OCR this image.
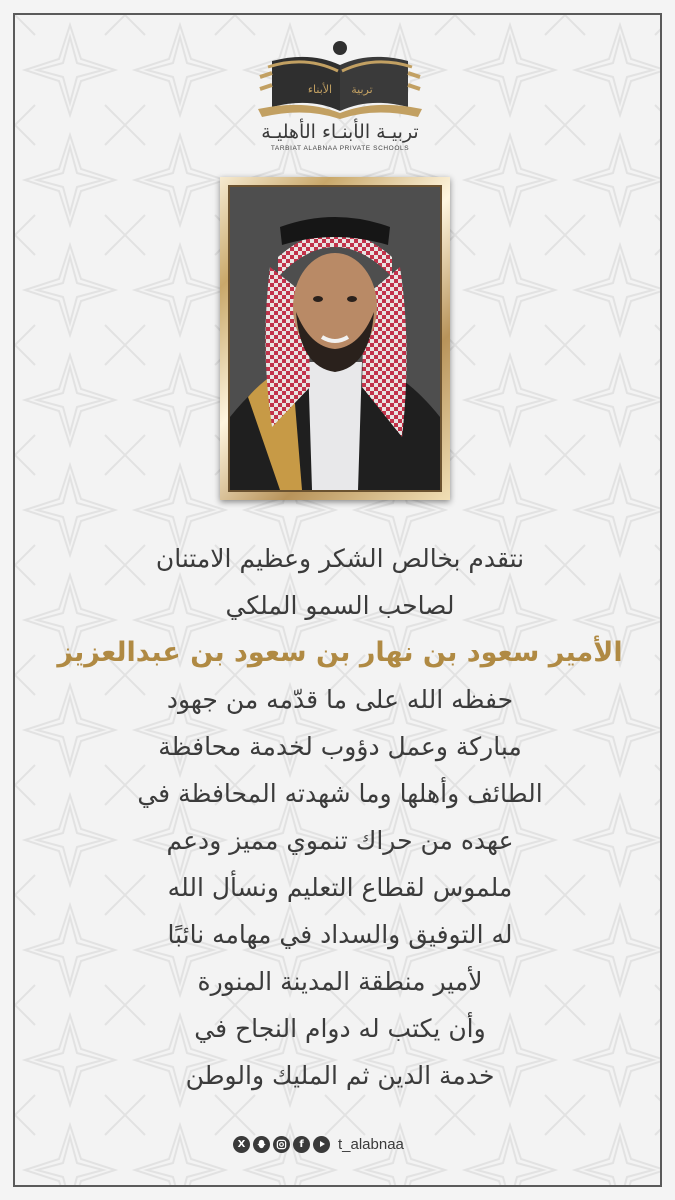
الأبناء تربية
تربيـة الأبنـاء الأهليـة
TARBIAT ALABNAA PRIVATE SCHOOLS
نتقدم بخالص الشكر وعظيم الامتنان
لصاحب السمو الملكي
الأمير سعود بن نهار بن سعود بن عبدالعزيز
حفظه الله على ما قدّمه من جهود
مباركة وعمل دؤوب لخدمة محافظة
الطائف وأهلها وما شهدته المحافظة في
عهده من حراك تنموي مميز ودعم
ملموس لقطاع التعليم ونسأل الله
له التوفيق والسداد في مهامه نائبًا
لأمير منطقة المدينة المنورة
وأن يكتب له دوام النجاح في
خدمة الدين ثم المليك والوطن
X	f	t_alabnaa
